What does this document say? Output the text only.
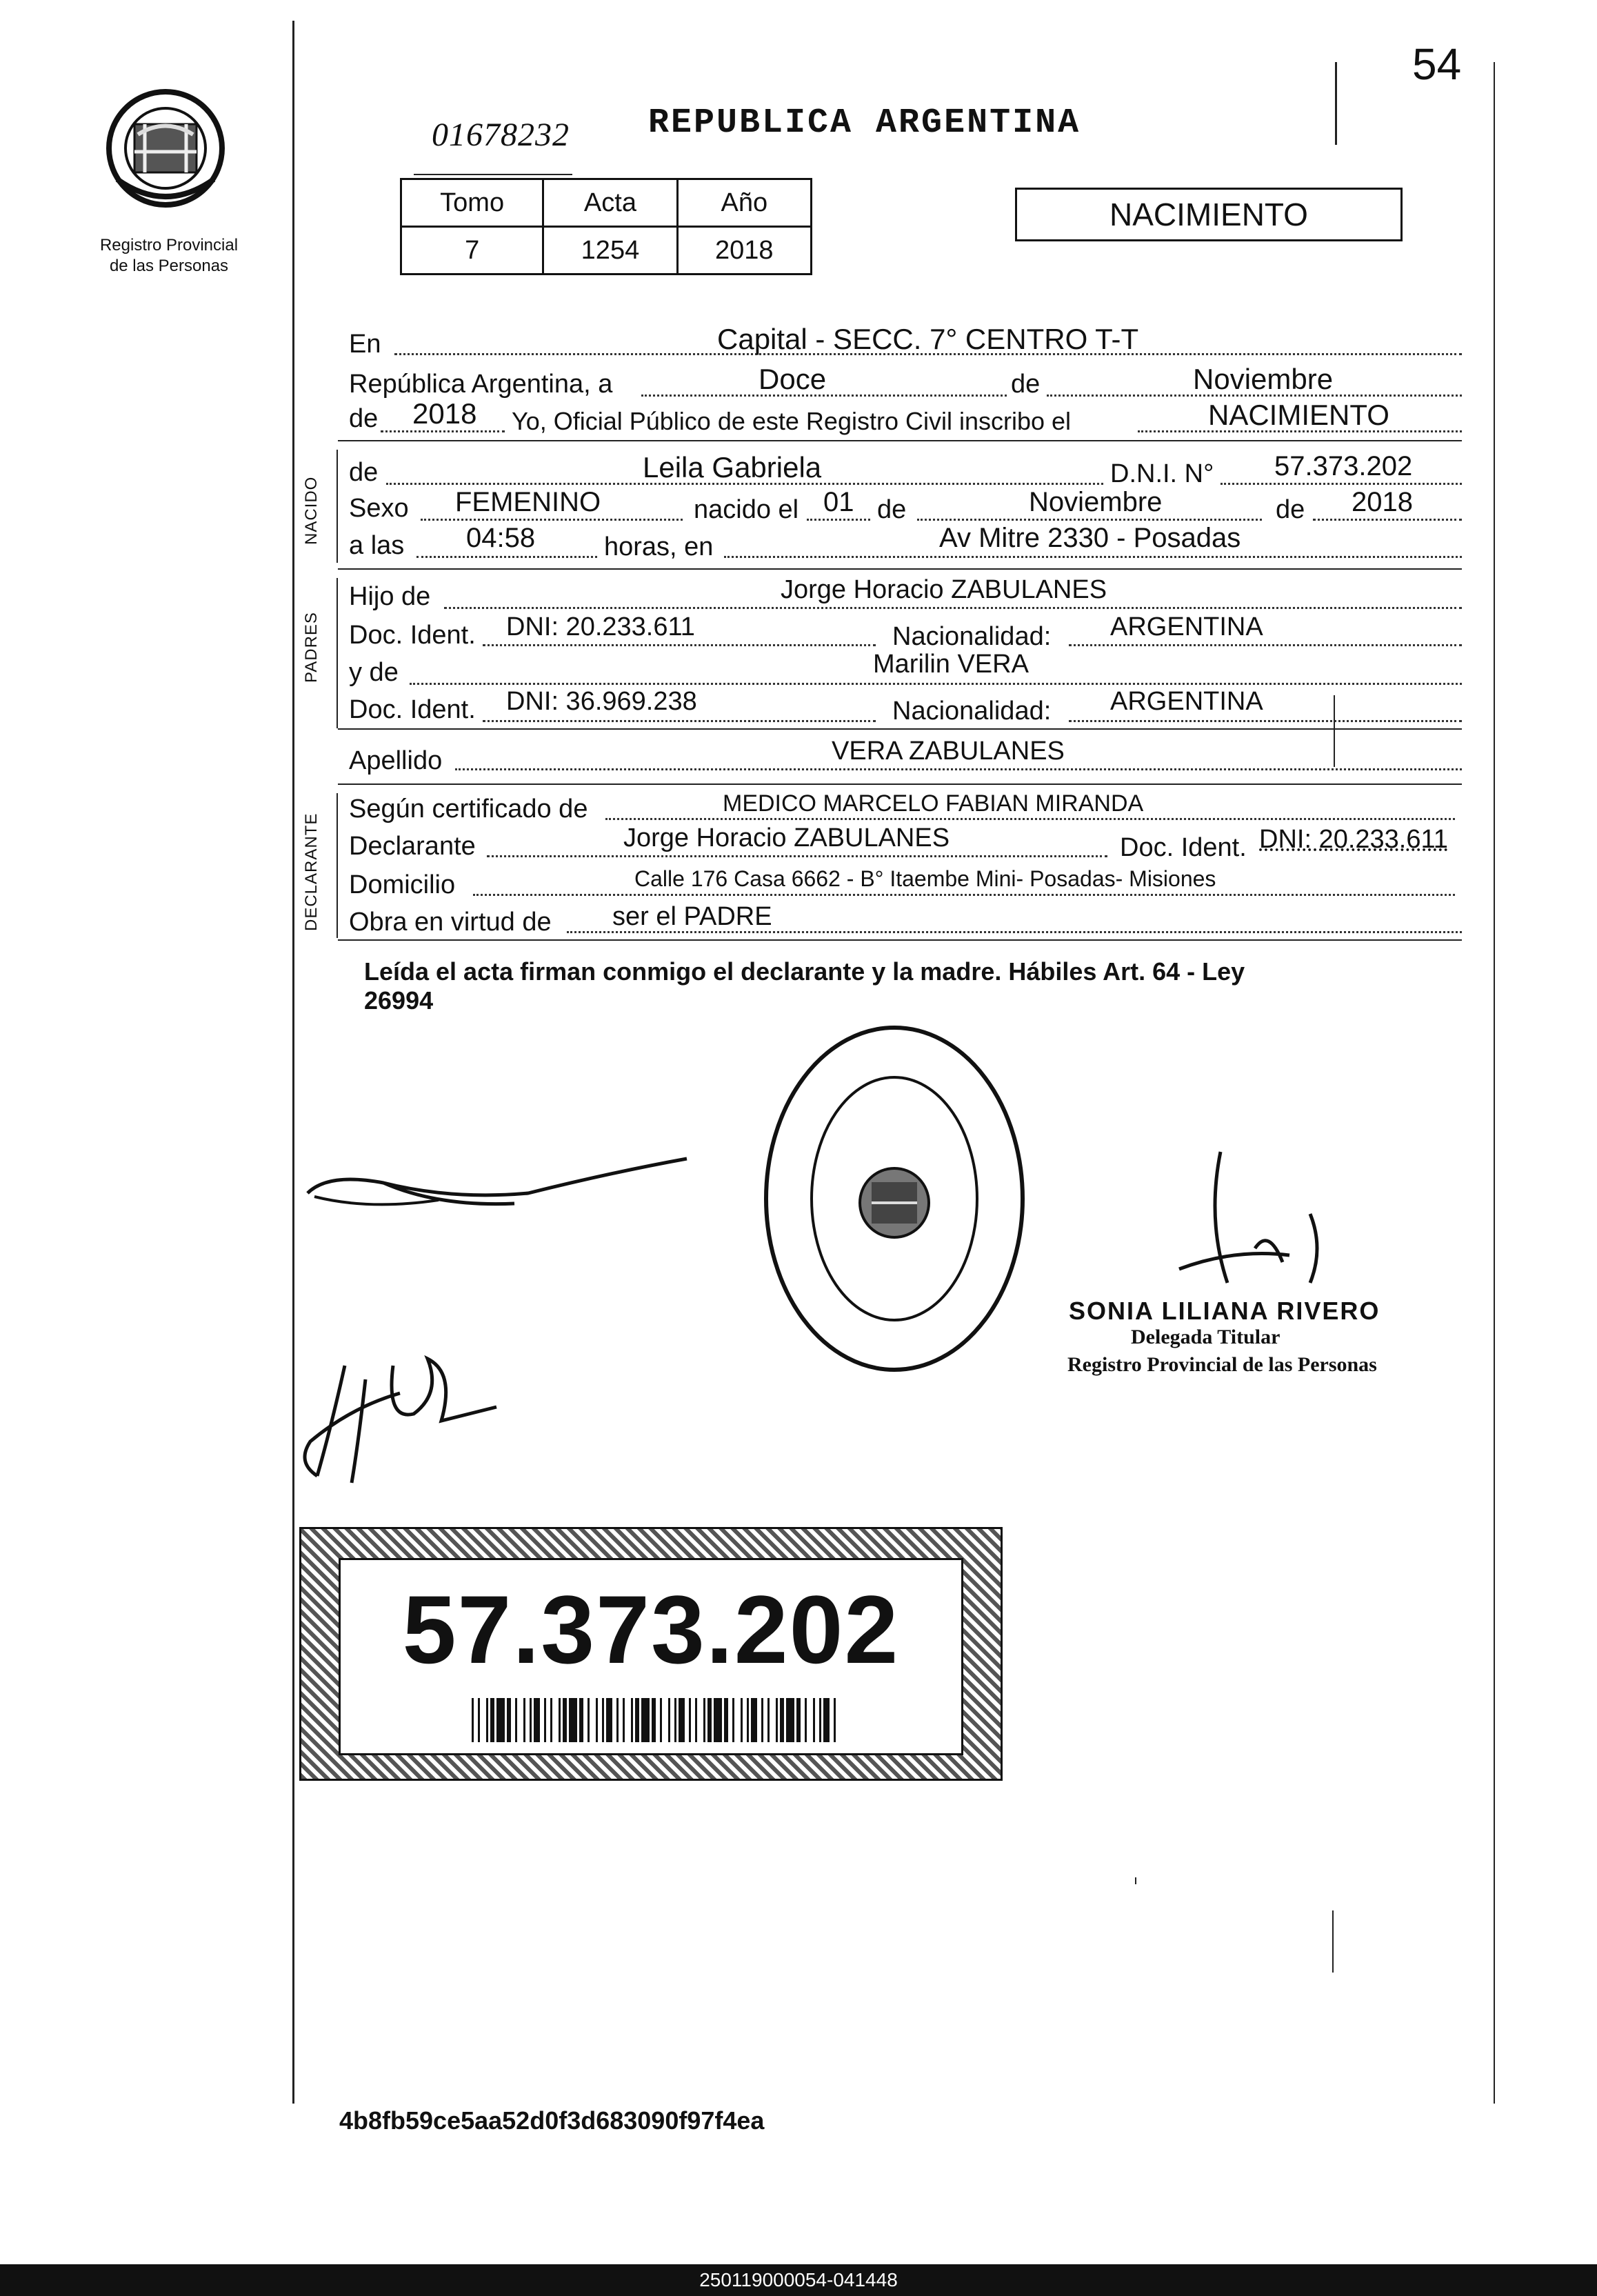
54
Registro Provincial
de las Personas
01678232 REPUBLICA ARGENTINA
Tomo	Acta	Año
7	1254	2018
NACIMIENTO
En	Capital - SECC. 7° CENTRO T-T
República Argentina, a	Doce	de	Noviembre
de 2018 Yo, Oficial Público de este Registro Civil inscribo el	NACIMIENTO
NACIDO
de	Leila Gabriela	D.N.I. N° 57.373.202
Sexo FEMENINO	nacido el 01 de	Noviembre	de 2018
a las 04:58	horas, en	Av Mitre 2330 - Posadas
PADRES
Hijo de	Jorge Horacio ZABULANES
Doc. Ident. DNI: 20.233.611	Nacionalidad: ARGENTINA
y de	Marilin VERA
Doc. Ident. DNI: 36.969.238	Nacionalidad: ARGENTINA
Apellido	VERA ZABULANES
DECLARANTE
Según certificado de	MEDICO MARCELO FABIAN MIRANDA
Declarante	Jorge Horacio ZABULANES	Doc. Ident. DNI: 20.233.611
Domicilio	Calle 176 Casa 6662 - B° Itaembe Mini- Posadas- Misiones
Obra en virtud de ser el PADRE
Leída el acta firman conmigo el declarante y la madre. Hábiles Art. 64 - Ley
26994
SONIA LILIANA RIVERO
Delegada Titular
Registro Provincial de las Personas
57.373.202
4b8fb59ce5aa52d0f3d683090f97f4ea
250119000054-041448
